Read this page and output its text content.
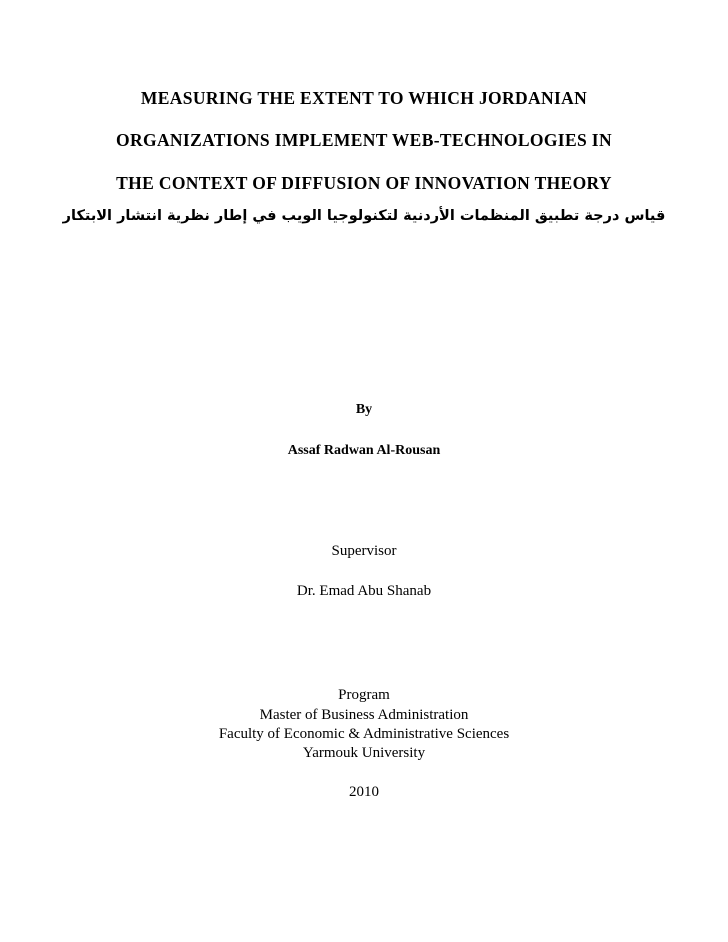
MEASURING THE EXTENT TO WHICH JORDANIAN
ORGANIZATIONS IMPLEMENT WEB-TECHNOLOGIES IN
THE CONTEXT OF DIFFUSION OF INNOVATION THEORY
قياس درجة تطبيق المنظمات الأردنية لتكنولوجيا الويب في إطار نظرية انتشار الابتكار
By
Assaf Radwan Al-Rousan
Supervisor
Dr. Emad Abu Shanab
Program
Master of Business Administration
Faculty of Economic & Administrative Sciences
Yarmouk University
2010
